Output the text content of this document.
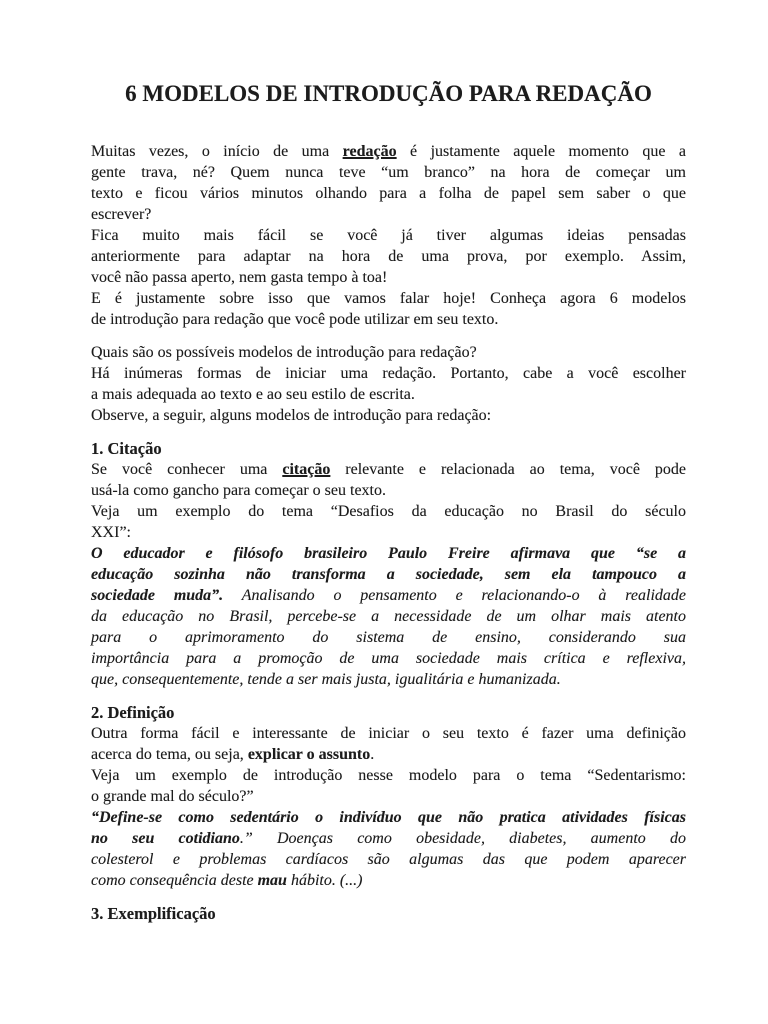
6 MODELOS DE INTRODUÇÃO PARA REDAÇÃO
Muitas vezes, o início de uma redação é justamente aquele momento que a
gente trava, né? Quem nunca teve “um branco” na hora de começar um
texto e ficou vários minutos olhando para a folha de papel sem saber o que
escrever?
Fica muito mais fácil se você já tiver algumas ideias pensadas
anteriormente para adaptar na hora de uma prova, por exemplo. Assim,
você não passa aperto, nem gasta tempo à toa!
E é justamente sobre isso que vamos falar hoje! Conheça agora 6 modelos
de introdução para redação que você pode utilizar em seu texto.
Quais são os possíveis modelos de introdução para redação?
Há inúmeras formas de iniciar uma redação. Portanto, cabe a você escolher
a mais adequada ao texto e ao seu estilo de escrita.
Observe, a seguir, alguns modelos de introdução para redação:
1. Citação
Se você conhecer uma citação relevante e relacionada ao tema, você pode
usá-la como gancho para começar o seu texto.
Veja um exemplo do tema “Desafios da educação no Brasil do século
XXI”:
O educador e filósofo brasileiro Paulo Freire afirmava que “se a
educação sozinha não transforma a sociedade, sem ela tampouco a
sociedade muda”. Analisando o pensamento e relacionando-o à realidade
da educação no Brasil, percebe-se a necessidade de um olhar mais atento
para o aprimoramento do sistema de ensino, considerando sua
importância para a promoção de uma sociedade mais crítica e reflexiva,
que, consequentemente, tende a ser mais justa, igualitária e humanizada.
2. Definição
Outra forma fácil e interessante de iniciar o seu texto é fazer uma definição
acerca do tema, ou seja, explicar o assunto.
Veja um exemplo de introdução nesse modelo para o tema “Sedentarismo:
o grande mal do século?”
“Define-se como sedentário o indivíduo que não pratica atividades físicas
no seu cotidiano.” Doenças como obesidade, diabetes, aumento do
colesterol e problemas cardíacos são algumas das que podem aparecer
como consequência deste mau hábito. (...)
3. Exemplificação
